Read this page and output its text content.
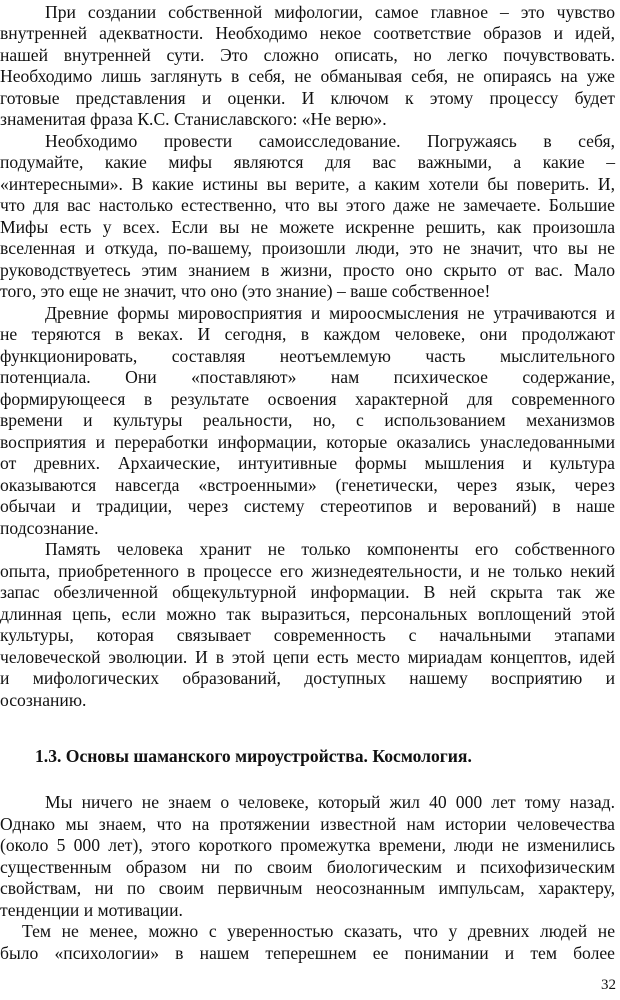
При создании собственной мифологии, самое главное – это чувство
внутренней адекватности. Необходимо некое соответствие образов и идей,
нашей внутренней сути. Это сложно описать, но легко почувствовать.
Необходимо лишь заглянуть в себя, не обманывая себя, не опираясь на уже
готовые представления и оценки. И ключом к этому процессу будет
знаменитая фраза К.С. Станиславского: «Не верю».
Необходимо провести самоисследование. Погружаясь в себя,
подумайте, какие мифы являются для вас важными, а какие –
«интересными». В какие истины вы верите, а каким хотели бы поверить. И,
что для вас настолько естественно, что вы этого даже не замечаете. Большие
Мифы есть у всех. Если вы не можете искренне решить, как произошла
вселенная и откуда, по-вашему, произошли люди, это не значит, что вы не
руководствуетесь этим знанием в жизни, просто оно скрыто от вас. Мало
того, это еще не значит, что оно (это знание) – ваше собственное!
Древние формы мировосприятия и мироосмысления не утрачиваются и
не теряются в веках. И сегодня, в каждом человеке, они продолжают
функционировать, составляя неотъемлемую часть мыслительного
потенциала. Они «поставляют» нам психическое содержание,
формирующееся в результате освоения характерной для современного
времени и культуры реальности, но, с использованием механизмов
восприятия и переработки информации, которые оказались унаследованными
от древних. Архаические, интуитивные формы мышления и культура
оказываются навсегда «встроенными» (генетически, через язык, через
обычаи и традиции, через систему стереотипов и верований) в наше
подсознание.
Память человека хранит не только компоненты его собственного
опыта, приобретенного в процессе его жизнедеятельности, и не только некий
запас обезличенной общекультурной информации. В ней скрыта так же
длинная цепь, если можно так выразиться, персональных воплощений этой
культуры, которая связывает современность с начальными этапами
человеческой эволюции. И в этой цепи есть место мириадам концептов, идей
и мифологических образований, доступных нашему восприятию и
осознанию.
1.3. Основы шаманского мироустройства. Космология.
Мы ничего не знаем о человеке, который жил 40 000 лет тому назад.
Однако мы знаем, что на протяжении известной нам истории человечества
(около 5 000 лет), этого короткого промежутка времени, люди не изменились
существенным образом ни по своим биологическим и психофизическим
свойствам, ни по своим первичным неосознанным импульсам, характеру,
тенденции и мотивации.
Тем не менее, можно с уверенностью сказать, что у древних людей не
было «психологии» в нашем теперешнем ее понимании и тем более
32
